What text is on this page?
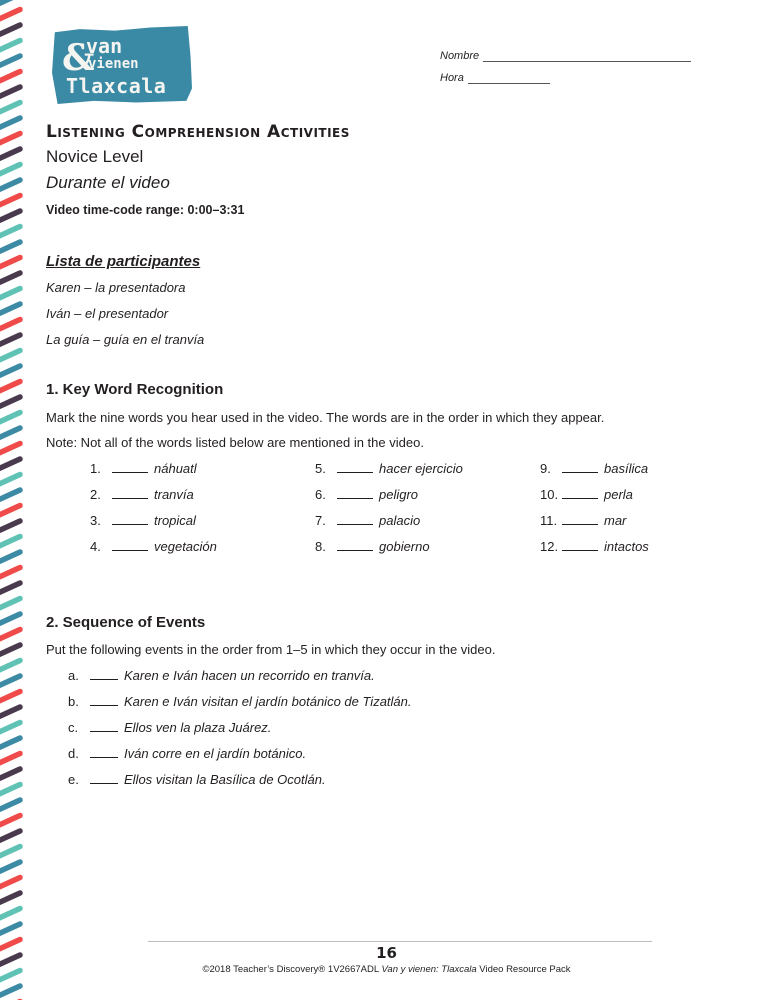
&
van
vienen
Tlaxcala
Nombre
Hora
Listening Comprehension Activities
Novice Level
Durante el video
Video time-code range: 0:00–3:31
Lista de participantes
Karen – la presentadora
Iván – el presentador
La guía – guía en el tranvía
1. Key Word Recognition
Mark the nine words you hear used in the video. The words are in the order in which they appear.
Note: Not all of the words listed below are mentioned in the video.
1.	náhuatl
2.	tranvía
3.	tropical
4.	vegetación
5.	hacer ejercicio
6.	peligro
7.	palacio
8.	gobierno
9.	basílica
10.	perla
11.	mar
12.	intactos
2. Sequence of Events
Put the following events in the order from 1–5 in which they occur in the video.
a.	Karen e Iván hacen un recorrido en tranvía.
b.	Karen e Iván visitan el jardín botánico de Tizatlán.
c.	Ellos ven la plaza Juárez.
d.	Iván corre en el jardín botánico.
e.	Ellos visitan la Basílica de Ocotlán.
16
©2018 Teacher’s Discovery® 1V2667ADL Van y vienen: Tlaxcala Video Resource Pack
